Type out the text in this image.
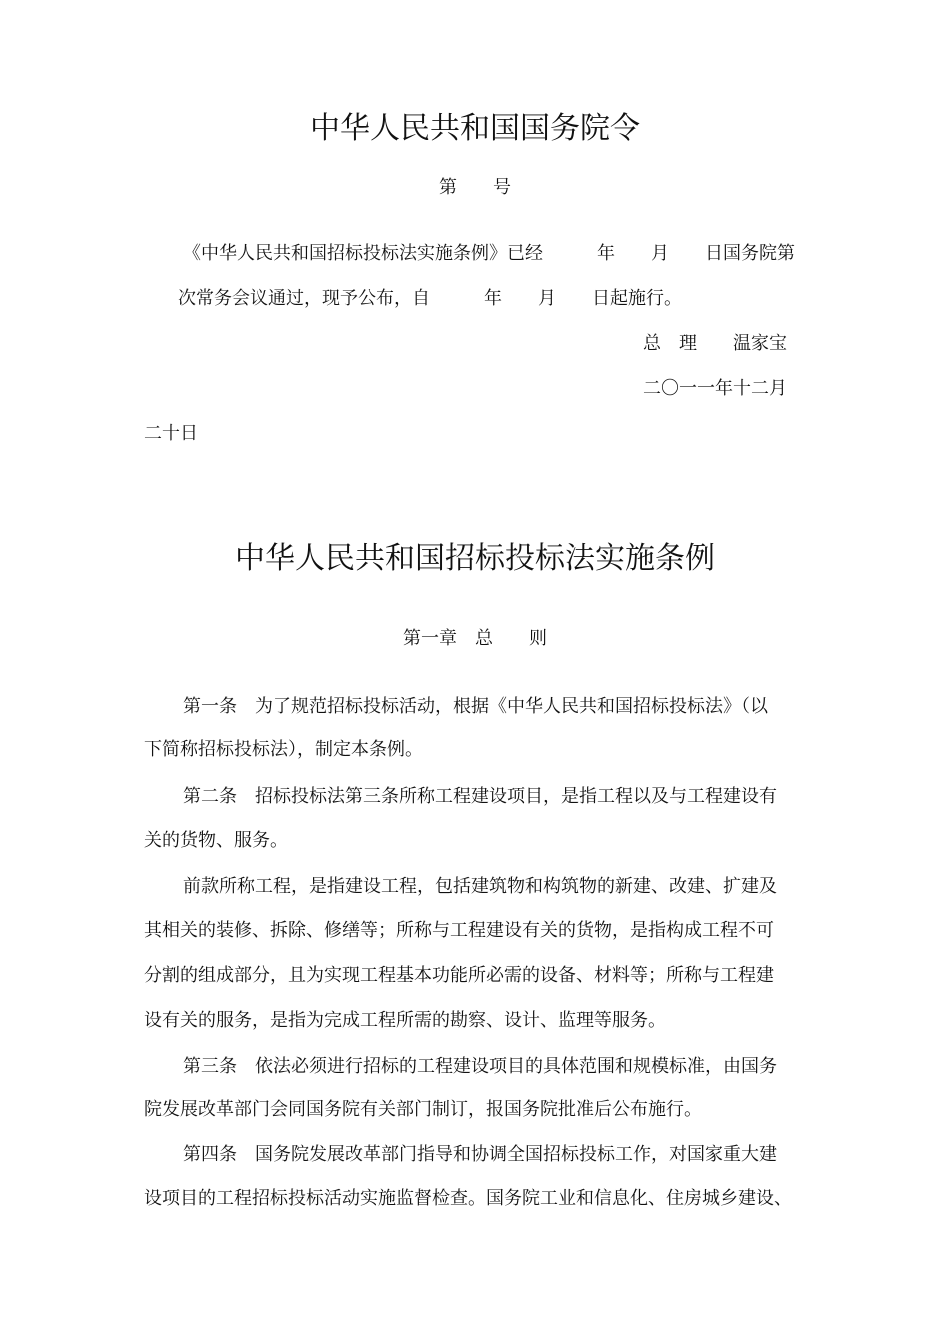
中华人民共和国国务院令
第　　号
《中华人民共和国招标投标法实施条例》已经　　　年　　月　　日国务院第
次常务会议通过，现予公布，自　　　年　　月　　日起施行。
总　理　　温家宝
二〇一一年十二月
二十日
中华人民共和国招标投标法实施条例
第一章　总　　则
第一条　为了规范招标投标活动，根据《中华人民共和国招标投标法》（以
下简称招标投标法），制定本条例。
第二条　招标投标法第三条所称工程建设项目，是指工程以及与工程建设有
关的货物、服务。
前款所称工程，是指建设工程，包括建筑物和构筑物的新建、改建、扩建及
其相关的装修、拆除、修缮等；所称与工程建设有关的货物，是指构成工程不可
分割的组成部分，且为实现工程基本功能所必需的设备、材料等；所称与工程建
设有关的服务，是指为完成工程所需的勘察、设计、监理等服务。
第三条　依法必须进行招标的工程建设项目的具体范围和规模标准，由国务
院发展改革部门会同国务院有关部门制订，报国务院批准后公布施行。
第四条　国务院发展改革部门指导和协调全国招标投标工作，对国家重大建
设项目的工程招标投标活动实施监督检查。国务院工业和信息化、住房城乡建设、
